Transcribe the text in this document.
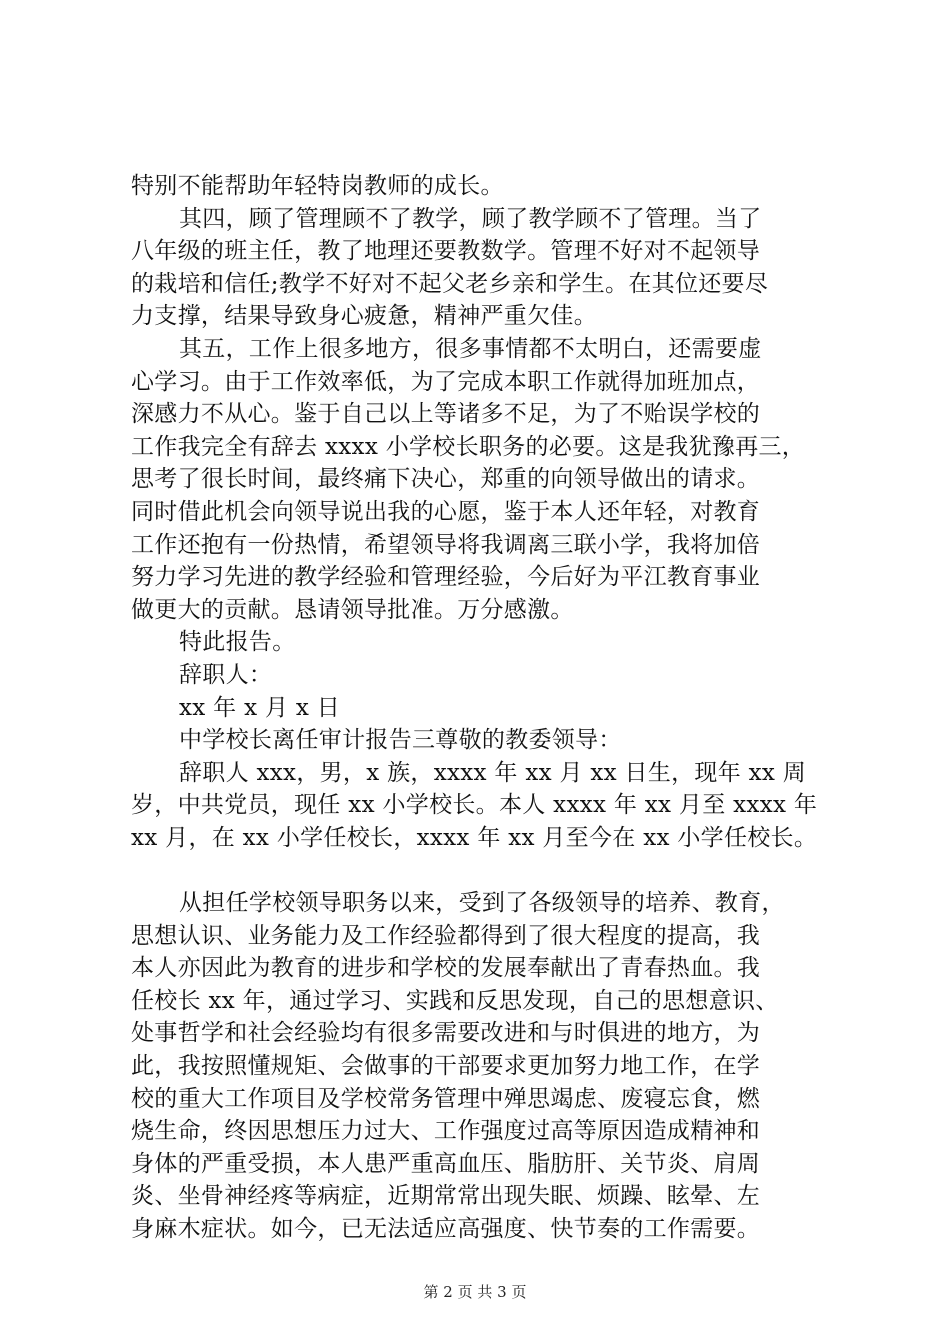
特别不能帮助年轻特岗教师的成长。
其四，顾了管理顾不了教学，顾了教学顾不了管理。当了
八年级的班主任，教了地理还要教数学。管理不好对不起领导
的栽培和信任;教学不好对不起父老乡亲和学生。在其位还要尽
力支撑，结果导致身心疲惫，精神严重欠佳。
其五，工作上很多地方，很多事情都不太明白，还需要虚
心学习。由于工作效率低，为了完成本职工作就得加班加点，
深感力不从心。鉴于自己以上等诸多不足，为了不贻误学校的
工作我完全有辞去 xxxx 小学校长职务的必要。这是我犹豫再三，
思考了很长时间，最终痛下决心，郑重的向领导做出的请求。
同时借此机会向领导说出我的心愿，鉴于本人还年轻，对教育
工作还抱有一份热情，希望领导将我调离三联小学，我将加倍
努力学习先进的教学经验和管理经验，今后好为平江教育事业
做更大的贡献。恳请领导批准。万分感激。
特此报告。
辞职人：
xx 年 x 月 x 日
中学校长离任审计报告三尊敬的教委领导：
辞职人 xxx，男，x 族，xxxx 年 xx 月 xx 日生，现年 xx 周
岁，中共党员，现任 xx 小学校长。本人 xxxx 年 xx 月至 xxxx 年
xx 月，在 xx 小学任校长，xxxx 年 xx 月至今在 xx 小学任校长。
从担任学校领导职务以来，受到了各级领导的培养、教育，
思想认识、业务能力及工作经验都得到了很大程度的提高，我
本人亦因此为教育的进步和学校的发展奉献出了青春热血。我
任校长 xx 年，通过学习、实践和反思发现，自己的思想意识、
处事哲学和社会经验均有很多需要改进和与时俱进的地方，为
此，我按照懂规矩、会做事的干部要求更加努力地工作，在学
校的重大工作项目及学校常务管理中殚思竭虑、废寝忘食，燃
烧生命，终因思想压力过大、工作强度过高等原因造成精神和
身体的严重受损，本人患严重高血压、脂肪肝、关节炎、肩周
炎、坐骨神经疼等病症，近期常常出现失眠、烦躁、眩晕、左
身麻木症状。如今，已无法适应高强度、快节奏的工作需要。
第 2 页 共 3 页
